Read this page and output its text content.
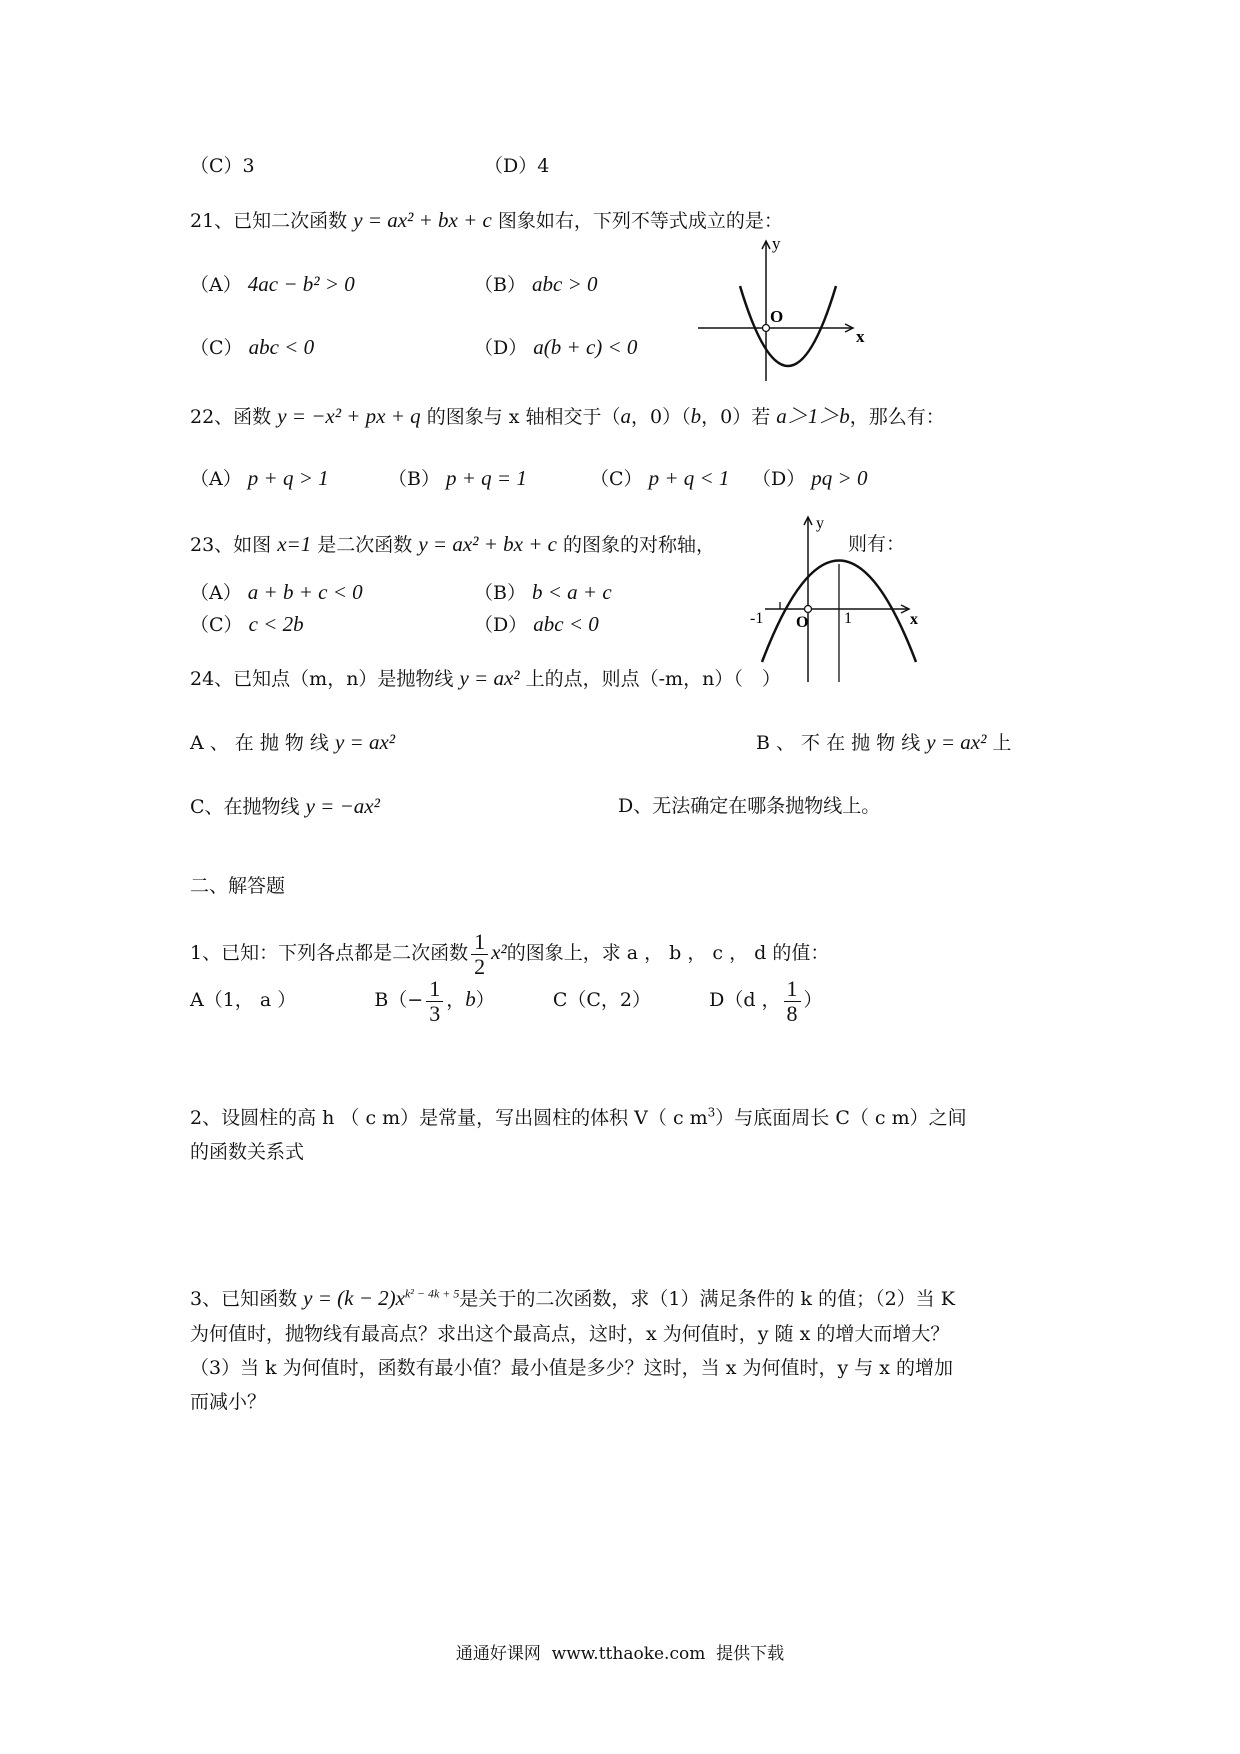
（C）3	（D）4
21、已知二次函数 y = ax² + bx + c 图象如右，下列不等式成立的是：
（A） 4ac − b² > 0	（B） abc > 0
（C） abc < 0	（D） a(b + c) < 0
y
x
O
22、函数 y = −x² + px + q 的图象与 x 轴相交于（a，0）（b，0）若 a＞1＞b，那么有：
（A） p + q > 1	（B） p + q = 1	（C） p + q < 1 （D） pq > 0
23、如图 x=1 是二次函数 y = ax² + bx + c 的图象的对称轴，	则有：
（A） a + b + c < 0	（B） b < a + c
（C） c < 2b	（D） abc < 0
y
x
O
-1	1
24、已知点（m，n）是抛物线 y = ax² 上的点，则点（-m，n）（　）
A 、 在 抛 物 线 y = ax²	B 、 不 在 抛 物 线 y = ax² 上
C、在抛物线 y = −ax²	D、无法确定在哪条抛物线上。
二、解答题
1、已知：下列各点都是二次函数 $\frac{1}{2} x^2$的图象上，求 a ， b ， c ， d 的值：
A（1， a ）	$B(- \frac{1}{3}$ ，b）	C（C，2）	D（d ， $\frac{1}{8}$ ）
2、设圆柱的高 h （ c m）是常量，写出圆柱的体积 V（ c $m^3$）与底面周长 C（ c m）之间
的函数关系式
3、已知函数 $y = (k - 2)x^{k^2 - 4k + 5}$是关于的二次函数，求（1）满足条件的 k 的值；（2）当 K
为何值时，抛物线有最高点？求出这个最高点，这时，x 为何值时，y 随 x 的增大而增大？
（3）当 k 为何值时，函数有最小值？最小值是多少？这时，当 x 为何值时，y 与 x 的增加
而减小？
通通好课网  www.tthaoke.com  提供下载
